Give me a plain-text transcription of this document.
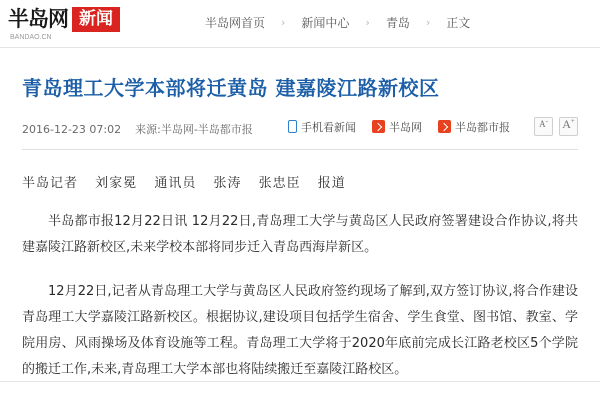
半岛网
BANDAO.CN
新闻	半岛网首页 › 新闻中心 › 青岛 › 正文
青岛理工大学本部将迁黄岛 建嘉陵江路新校区
2016-12-23 07:02 来源:半岛网-半岛都市报	手机看新闻	半岛网	半岛都市报	A- A+
半岛记者 刘家冕 通讯员 张涛 张忠臣 报道

半岛都市报12月22日讯 12月22日,青岛理工大学与黄岛区人民政府签署建设合作协议,将共建嘉陵江路新校区,未来学校本部将同步迁入青岛西海岸新区。

12月22日,记者从青岛理工大学与黄岛区人民政府签约现场了解到,双方签订协议,将合作建设青岛理工大学嘉陵江路新校区。根据协议,建设项目包括学生宿舍、学生食堂、图书馆、教室、学院用房、风雨操场及体育设施等工程。青岛理工大学将于2020年底前完成长江路老校区5个学院的搬迁工作,未来,青岛理工大学本部也将陆续搬迁至嘉陵江路校区。
